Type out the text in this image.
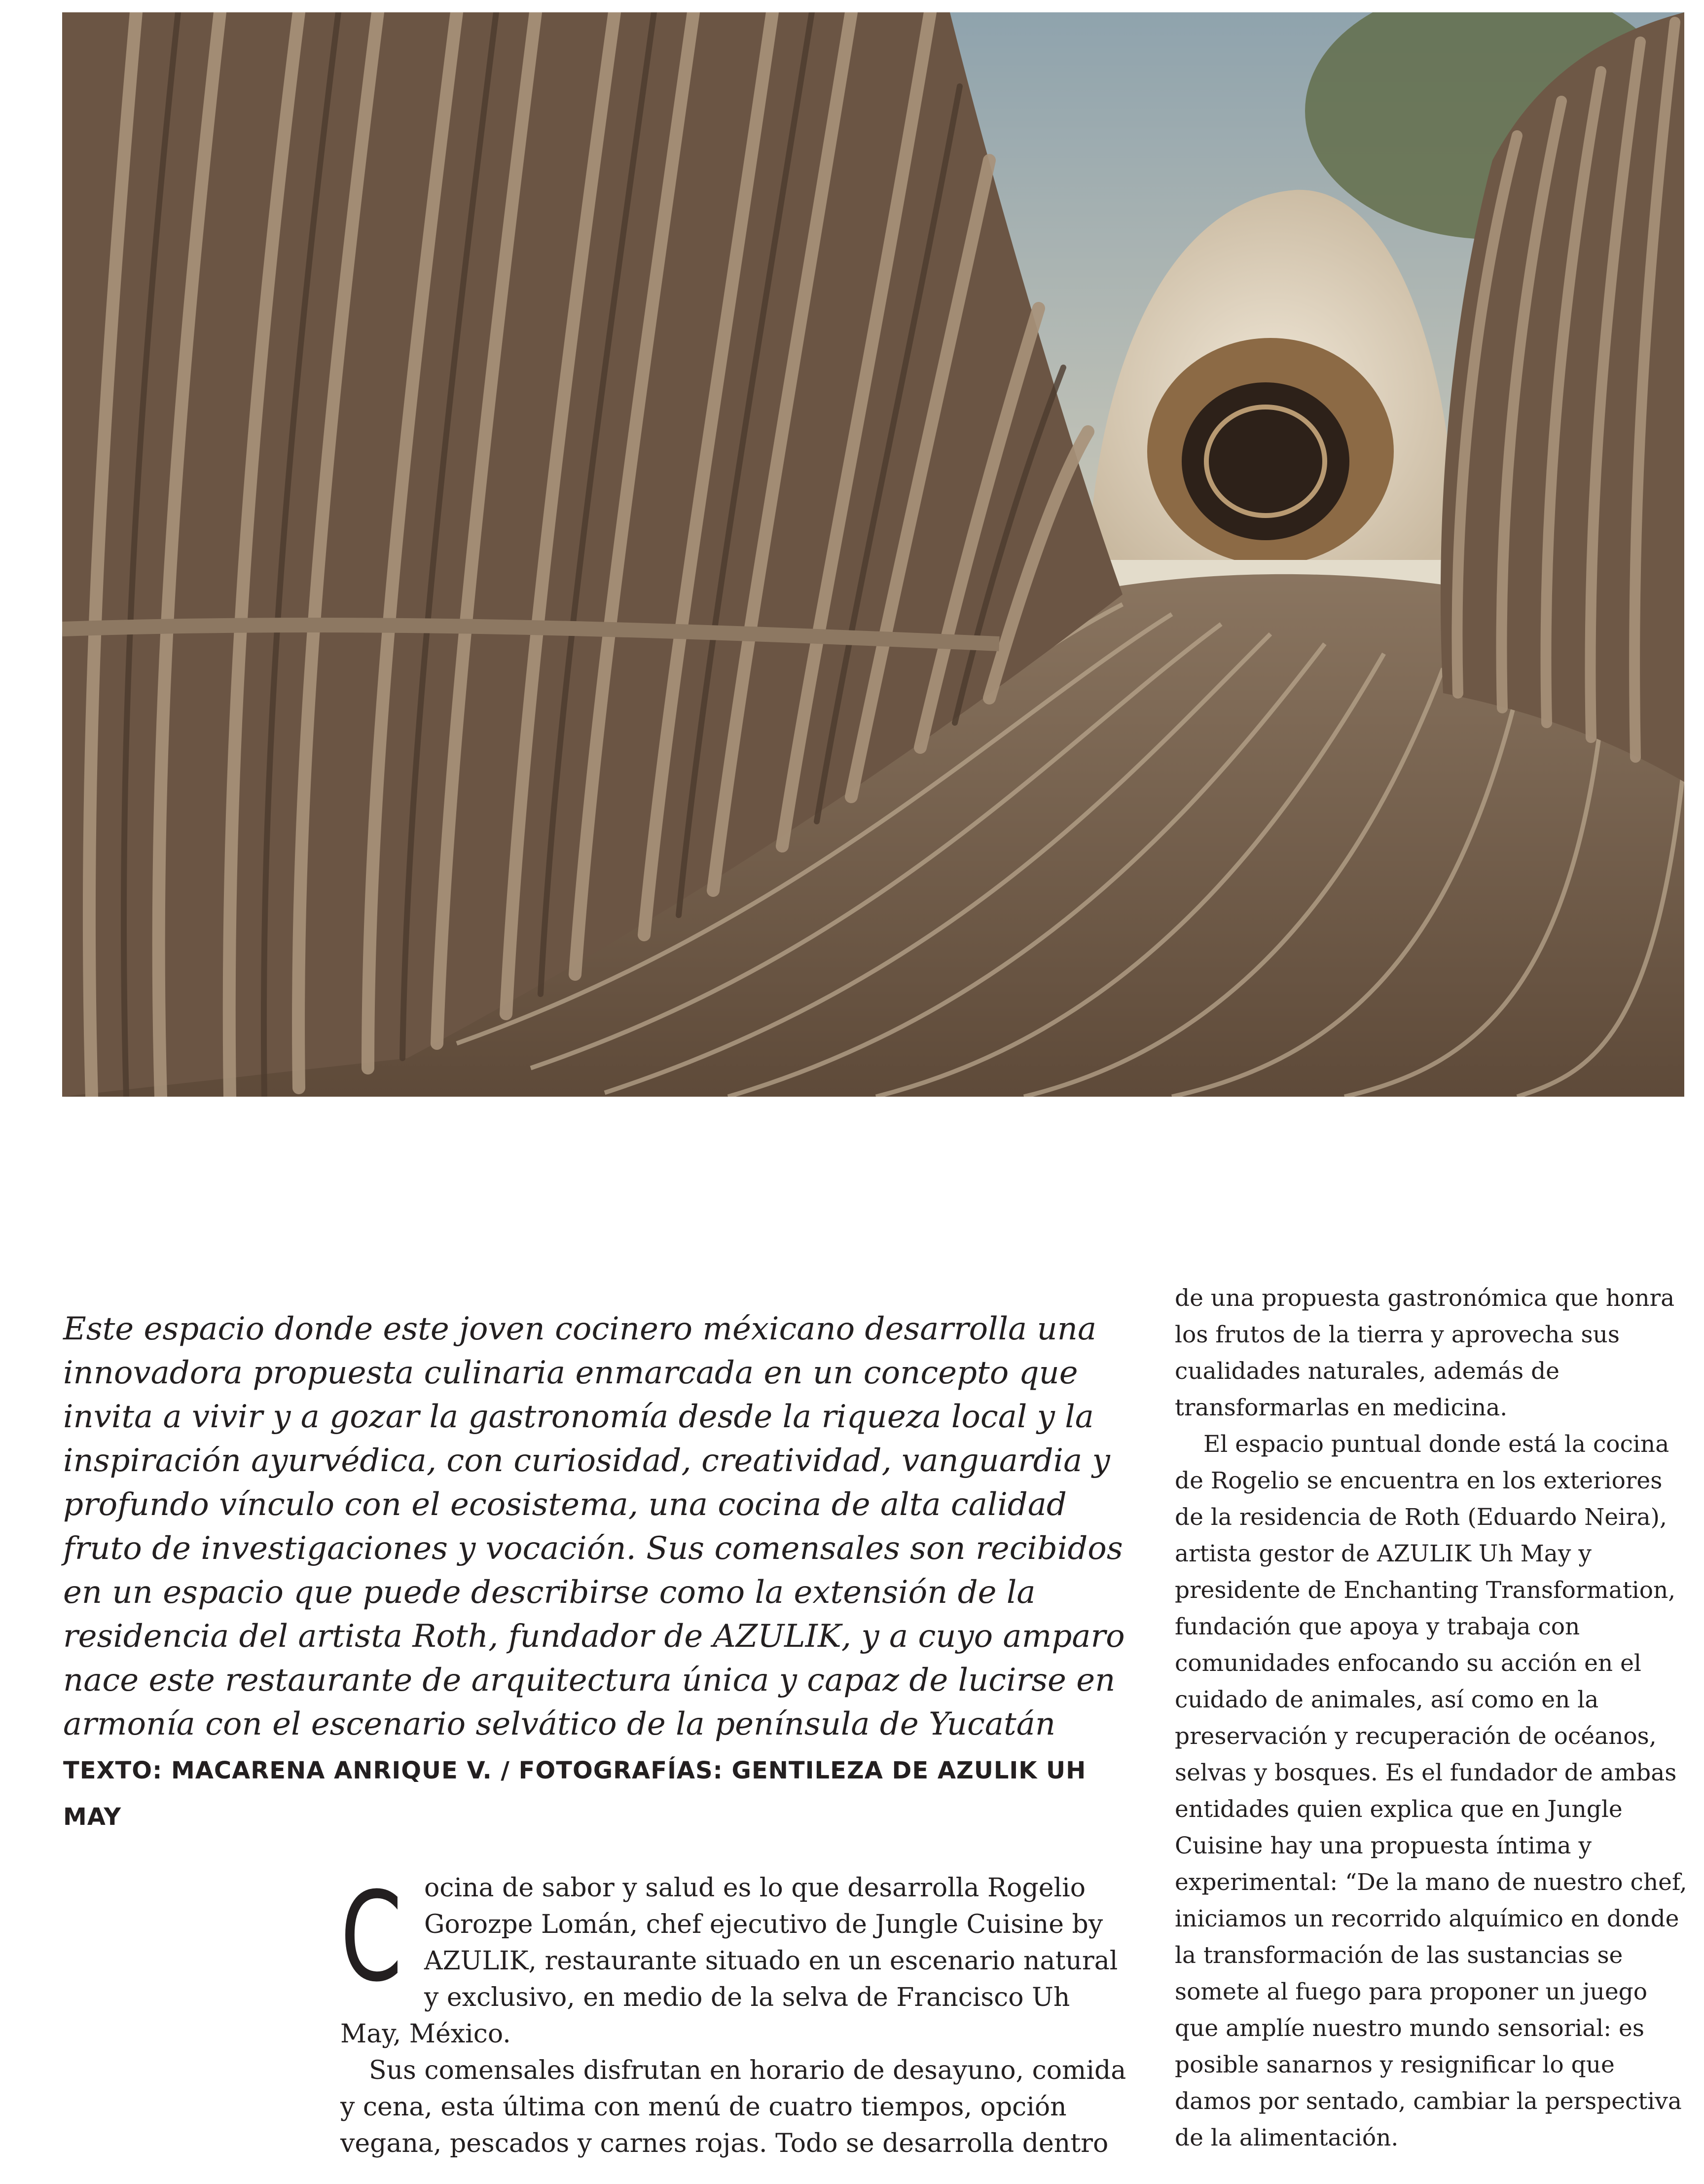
Este espacio donde este joven cocinero méxicano desarrolla una innovadora propuesta culinaria enmarcada en un concepto que invita a vivir y a gozar la gastronomía desde la riqueza local y la inspiración ayurvédica, con curiosidad, creatividad, vanguardia y profundo vínculo con el ecosistema, una cocina de alta calidad fruto de investigaciones y vocación. Sus comensales son recibidos en un espacio que puede describirse como la extensión de la residencia del artista Roth, fundador de AZULIK, y a cuyo amparo nace este restaurante de arquitectura única y capaz de lucirse en armonía con el escenario selvático de la península de Yucatán TEXTO: MACARENA ANRIQUE V. / FOTOGRAFÍAS: GENTILEZA DE AZULIK UH MAY

Cocina de sabor y salud es lo que desarrolla Rogelio Gorozpe Lomán, chef ejecutivo de Jungle Cuisine by AZULIK, restaurante situado en un escenario natural y exclusivo, en medio de la selva de Francisco Uh May, México.

Sus comensales disfrutan en horario de desayuno, comida y cena, esta última con menú de cuatro tiempos, opción vegana, pescados y carnes rojas. Todo se desarrolla dentro

de una propuesta gastronómica que honra los frutos de la tierra y aprovecha sus cualidades naturales, además de transformarlas en medicina.

El espacio puntual donde está la cocina de Rogelio se encuentra en los exteriores de la residencia de Roth (Eduardo Neira), artista gestor de AZULIK Uh May y presidente de Enchanting Transformation, fundación que apoya y trabaja con comunidades enfocando su acción en el cuidado de animales, así como en la preservación y recuperación de océanos, selvas y bosques. Es el fundador de ambas entidades quien explica que en Jungle Cuisine hay una propuesta íntima y experimental: “De la mano de nuestro chef, iniciamos un recorrido alquímico en donde la transformación de las sustancias se somete al fuego para proponer un juego que amplíe nuestro mundo sensorial: es posible sanarnos y resignificar lo que damos por sentado, cambiar la perspectiva de la alimentación.
